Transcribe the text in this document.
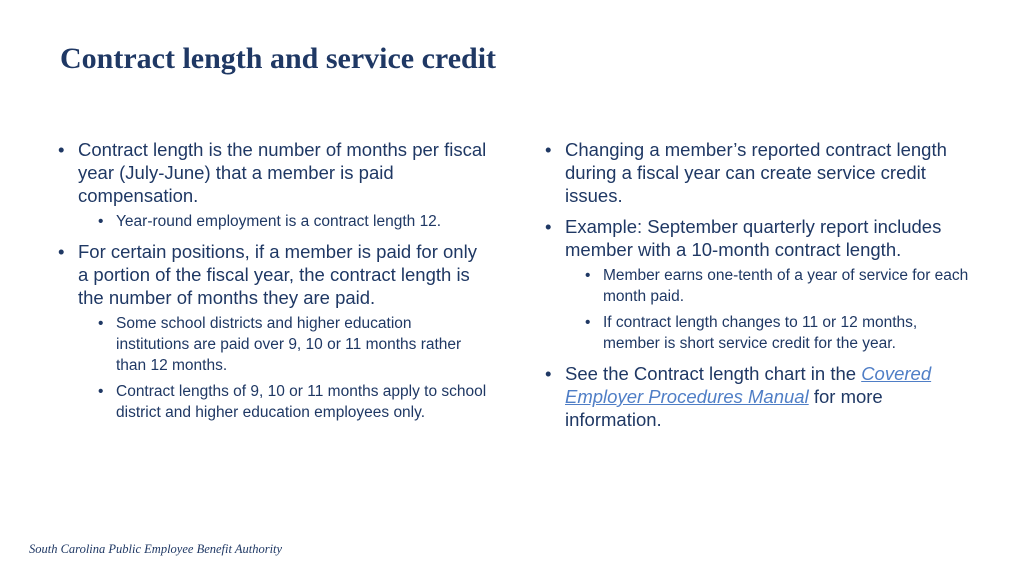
Contract length and service credit
• Contract length is the number of months per fiscal year (July-June) that a member is paid compensation.
• Year-round employment is a contract length 12.
• For certain positions, if a member is paid for only a portion of the fiscal year, the contract length is the number of months they are paid.
• Some school districts and higher education institutions are paid over 9, 10 or 11 months rather than 12 months.
• Contract lengths of 9, 10 or 11 months apply to school district and higher education employees only.
• Changing a member’s reported contract length during a fiscal year can create service credit issues.
• Example: September quarterly report includes member with a 10-month contract length.
• Member earns one-tenth of a year of service for each month paid.
• If contract length changes to 11 or 12 months, member is short service credit for the year.
• See the Contract length chart in the Covered Employer Procedures Manual for more information.
South Carolina Public Employee Benefit Authority
